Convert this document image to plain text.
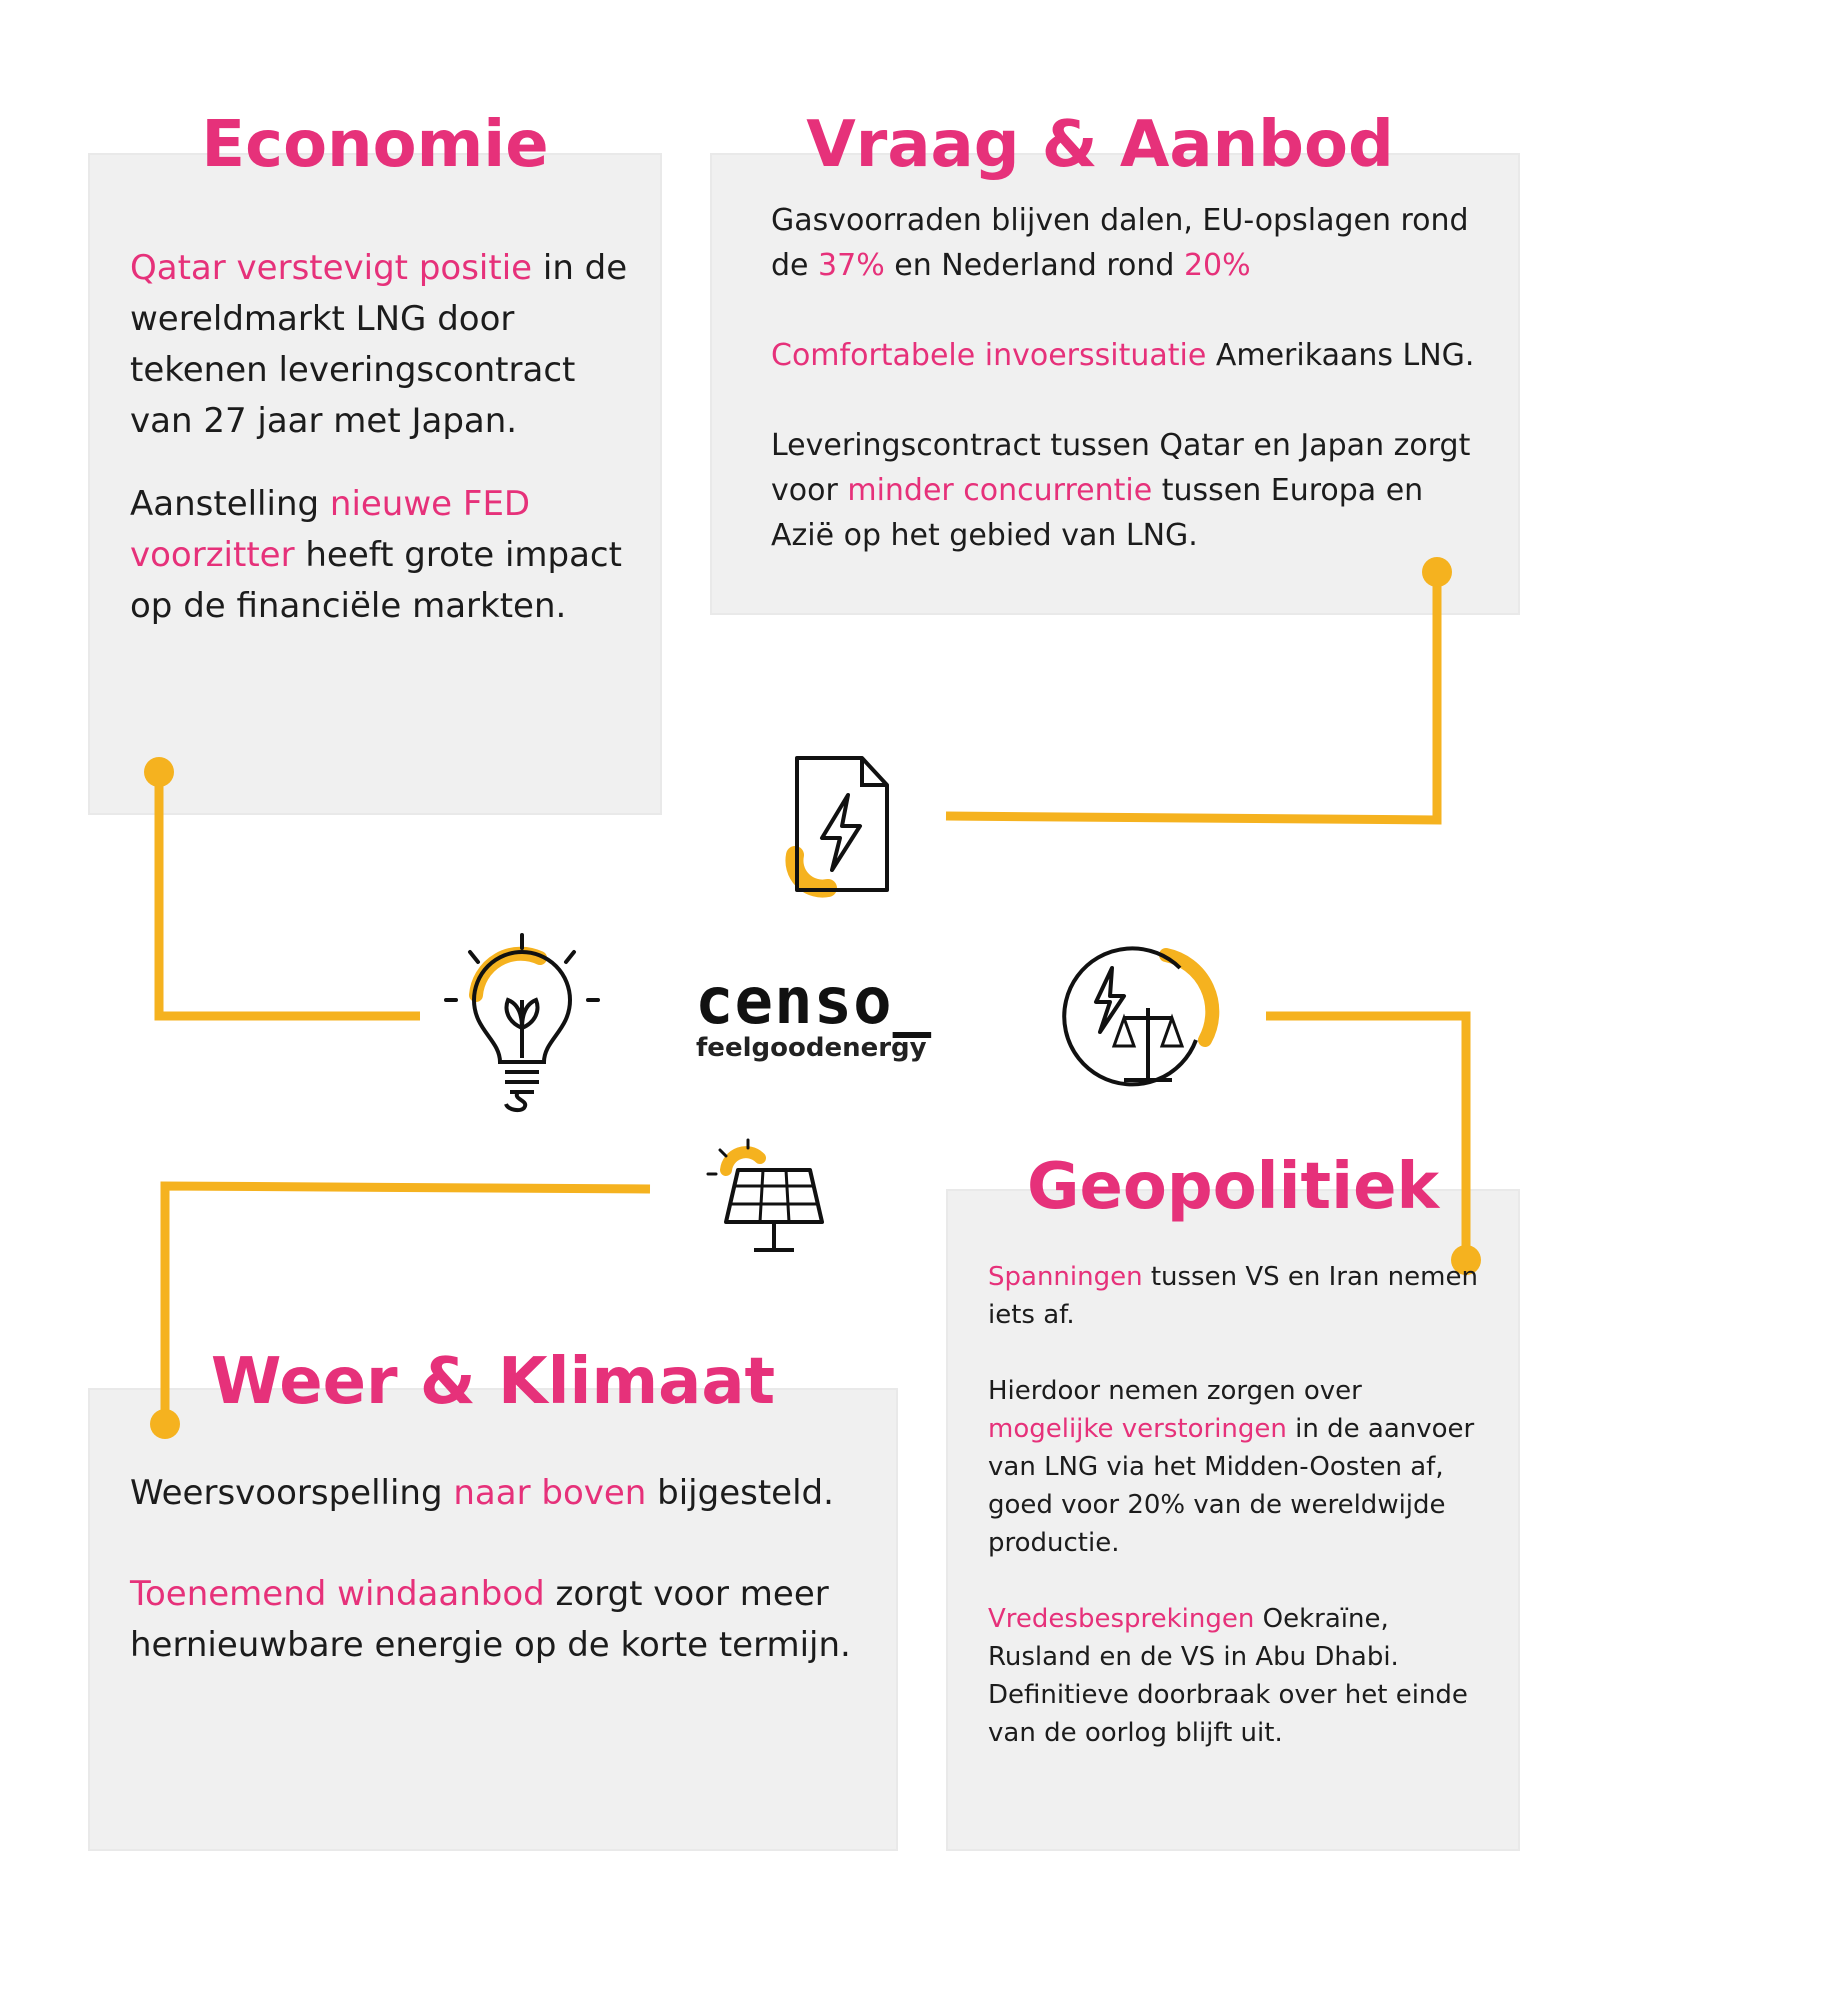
censo_
feelgoodenergy
Economie

Qatar verstevigt positie in de wereldmarkt LNG door tekenen leveringscontract van 27 jaar met Japan.

Aanstelling nieuwe FED voorzitter heeft grote impact op de financiële markten.

Vraag & Aanbod

Gasvoorraden blijven dalen, EU-opslagen rond de 37% en Nederland rond 20%

Comfortabele invoerssituatie Amerikaans LNG.

Leveringscontract tussen Qatar en Japan zorgt voor minder concurrentie tussen Europa en Azië op het gebied van LNG.

Weer & Klimaat

Weersvoorspelling naar boven bijgesteld.

Toenemend windaanbod zorgt voor meer hernieuwbare energie op de korte termijn.

Geopolitiek

Spanningen tussen VS en Iran nemen iets af.

Hierdoor nemen zorgen over mogelijke verstoringen in de aanvoer van LNG via het Midden-Oosten af, goed voor 20% van de wereldwijde productie.

Vredesbesprekingen Oekraïne, Rusland en de VS in Abu Dhabi. Definitieve doorbraak over het einde van de oorlog blijft uit.
